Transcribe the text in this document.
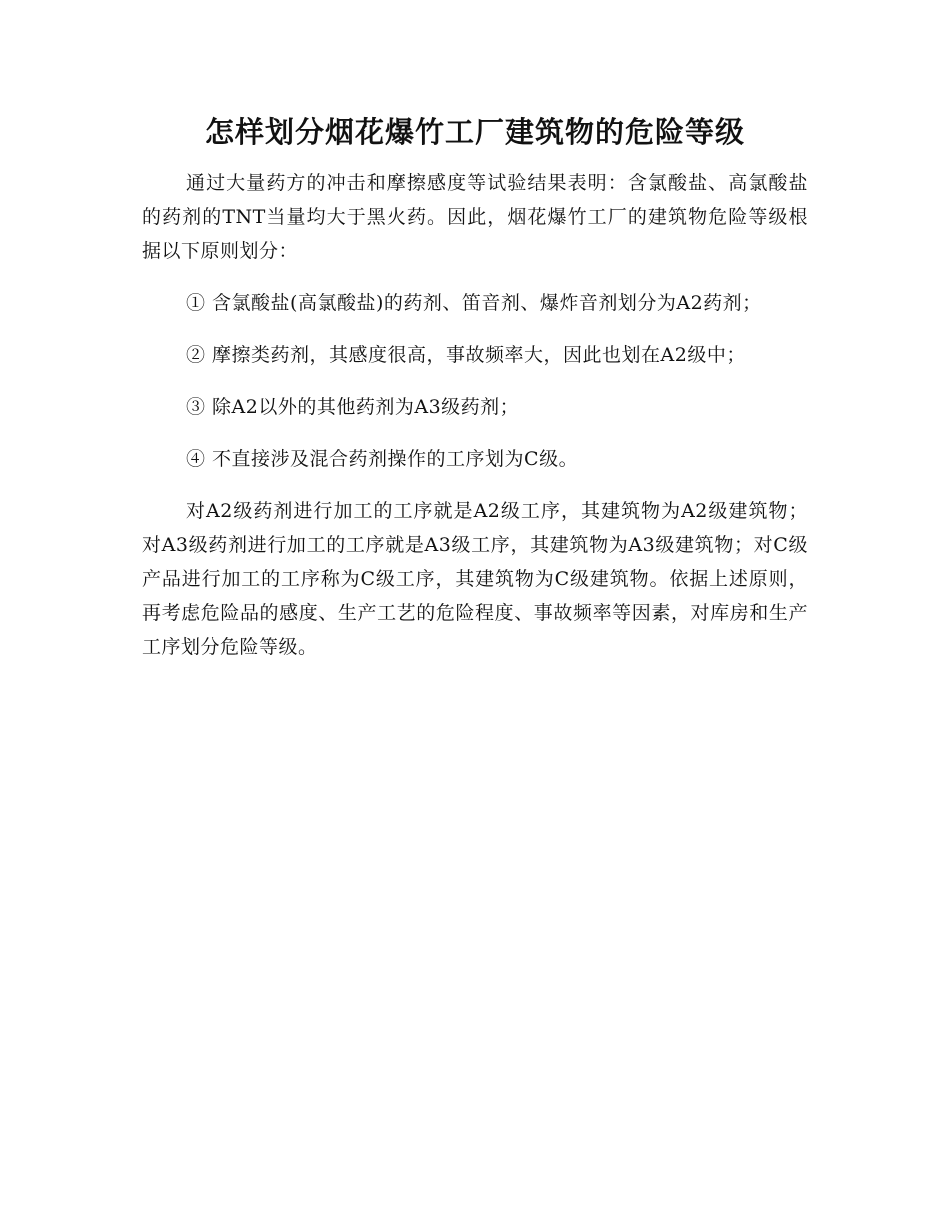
怎样划分烟花爆竹工厂建筑物的危险等级

通过大量药方的冲击和摩擦感度等试验结果表明：含氯酸盐、高氯酸盐的药剂的TNT当量均大于黑火药。因此，烟花爆竹工厂的建筑物危险等级根据以下原则划分：

① 含氯酸盐(高氯酸盐)的药剂、笛音剂、爆炸音剂划分为A2药剂；

② 摩擦类药剂，其感度很高，事故频率大，因此也划在A2级中；

③ 除A2以外的其他药剂为A3级药剂；

④ 不直接涉及混合药剂操作的工序划为C级。

对A2级药剂进行加工的工序就是A2级工序，其建筑物为A2级建筑物；对A3级药剂进行加工的工序就是A3级工序，其建筑物为A3级建筑物；对C级产品进行加工的工序称为C级工序，其建筑物为C级建筑物。依据上述原则，再考虑危险品的感度、生产工艺的危险程度、事故频率等因素，对库房和生产工序划分危险等级。
